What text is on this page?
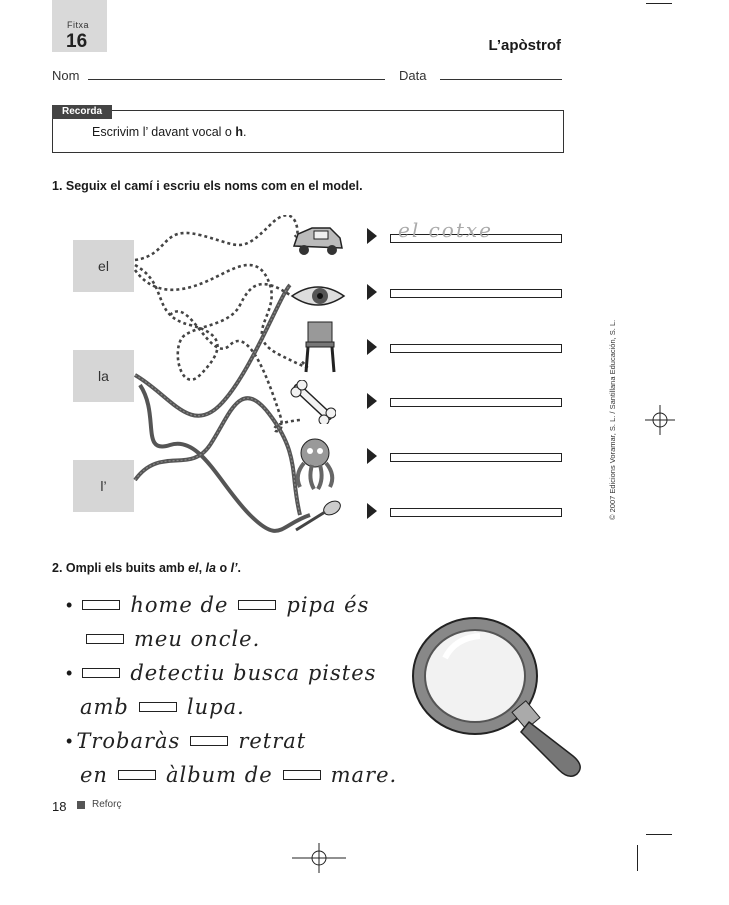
Fitxa
16	L’apòstrof
Nom	Data
Recorda
Escrivim l’ davant vocal o h.
1. Seguix el camí i escriu els noms com en el model.
el
la
l’
el cotxe
© 2007 Edicions Voramar, S. L. / Santillana Educación, S. L.
2. Ompli els buits amb el, la o l’.
•	home de	pipa és
meu oncle.
•	detectiu busca pistes
amb	lupa.
• Trobaràs	retrat
en	àlbum de	mare.
18	Reforç
